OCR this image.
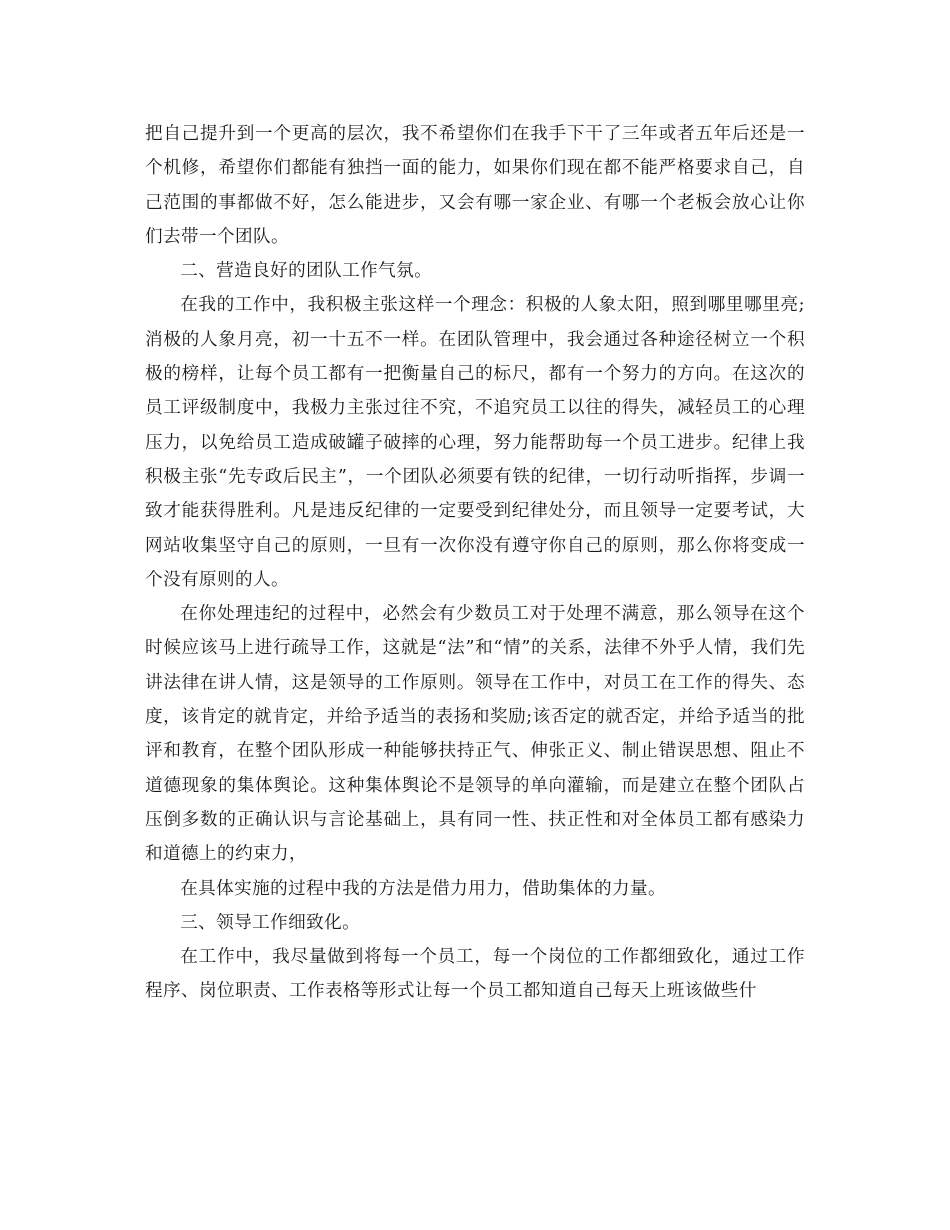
把自己提升到一个更高的层次，我不希望你们在我手下干了三年或者五年后还是一个机修，希望你们都能有独挡一面的能力，如果你们现在都不能严格要求自己，自己范围的事都做不好，怎么能进步，又会有哪一家企业、有哪一个老板会放心让你们去带一个团队。

二、营造良好的团队工作气氛。

在我的工作中，我积极主张这样一个理念：积极的人象太阳，照到哪里哪里亮;消极的人象月亮，初一十五不一样。在团队管理中，我会通过各种途径树立一个积极的榜样，让每个员工都有一把衡量自己的标尺，都有一个努力的方向。在这次的员工评级制度中，我极力主张过往不究，不追究员工以往的得失，减轻员工的心理压力，以免给员工造成破罐子破摔的心理，努力能帮助每一个员工进步。纪律上我积极主张“先专政后民主”，一个团队必须要有铁的纪律，一切行动听指挥，步调一致才能获得胜利。凡是违反纪律的一定要受到纪律处分，而且领导一定要考试，大网站收集坚守自己的原则，一旦有一次你没有遵守你自己的原则，那么你将变成一个没有原则的人。

在你处理违纪的过程中，必然会有少数员工对于处理不满意，那么领导在这个时候应该马上进行疏导工作，这就是“法”和“情”的关系，法律不外乎人情，我们先讲法律在讲人情，这是领导的工作原则。领导在工作中，对员工在工作的得失、态度，该肯定的就肯定，并给予适当的表扬和奖励;该否定的就否定，并给予适当的批评和教育，在整个团队形成一种能够扶持正气、伸张正义、制止错误思想、阻止不道德现象的集体舆论。这种集体舆论不是领导的单向灌输，而是建立在整个团队占压倒多数的正确认识与言论基础上，具有同一性、扶正性和对全体员工都有感染力和道德上的约束力，

在具体实施的过程中我的方法是借力用力，借助集体的力量。

三、领导工作细致化。

在工作中，我尽量做到将每一个员工，每一个岗位的工作都细致化，通过工作程序、岗位职责、工作表格等形式让每一个员工都知道自己每天上班该做些什
